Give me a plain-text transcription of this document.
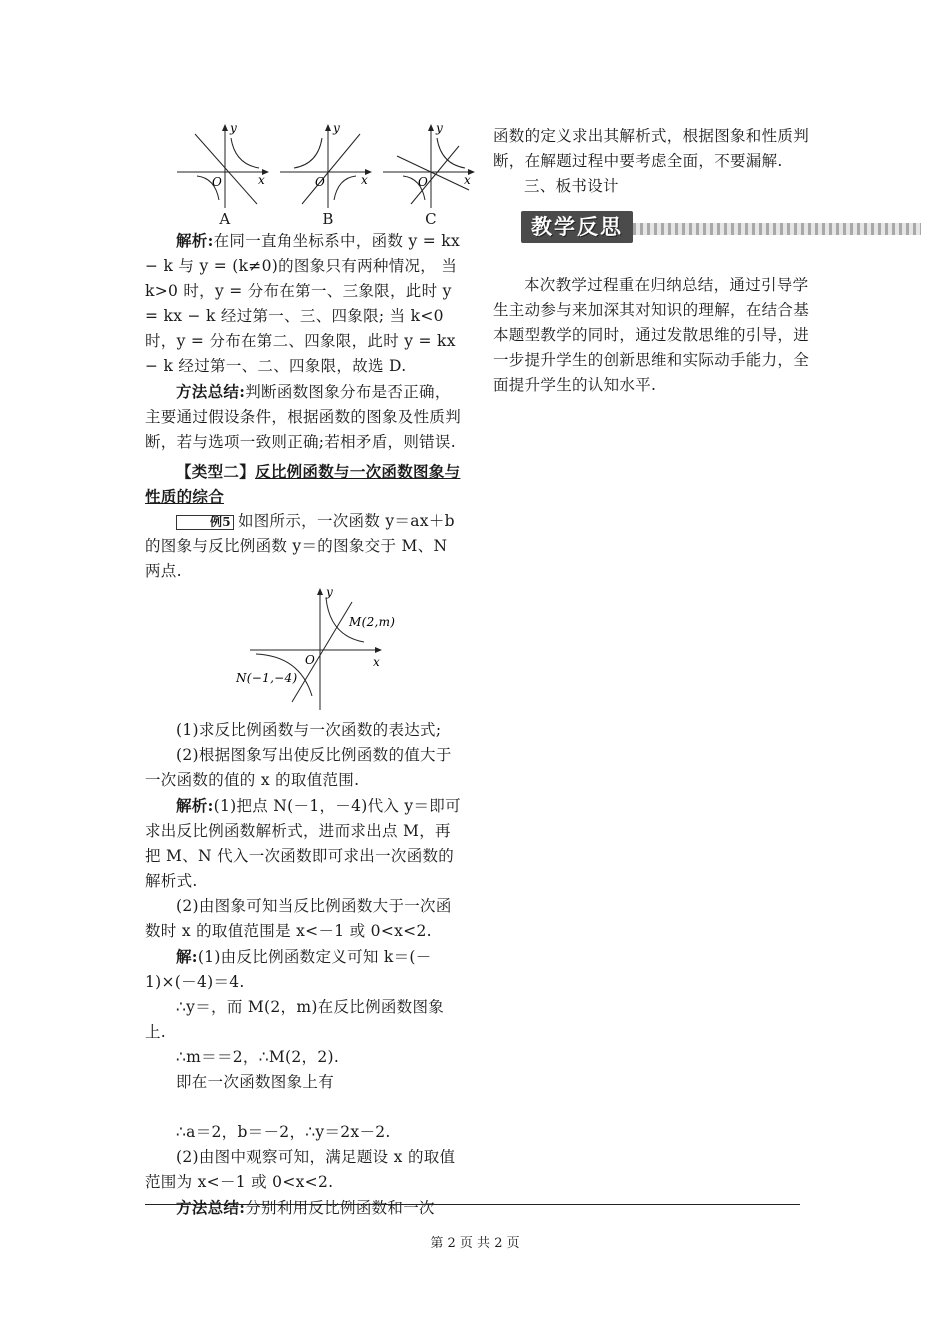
y
x
O
A
y
x
O
B
y
x
O
C

解析:在同一直角坐标系中，函数 y = kx − k 与 y = (k≠0)的图象只有两种情况， 当 k>0 时，y = 分布在第一、三象限，此时 y = kx − k 经过第一、三、四象限; 当 k<0 时，y = 分布在第二、四象限，此时 y = kx − k 经过第一、二、四象限，故选 D.

方法总结:判断函数图象分布是否正确，主要通过假设条件，根据函数的图象及性质判断，若与选项一致则正确;若相矛盾，则错误.

【类型二】反比例函数与一次函数图象与性质的综合

例5 如图所示，一次函数 y＝ax＋b 的图象与反比例函数 y＝的图象交于 M、N 两点.

y
x
O
M(2,m)
N(−1,−4)

(1)求反比例函数与一次函数的表达式;

(2)根据图象写出使反比例函数的值大于一次函数的值的 x 的取值范围.

解析:(1)把点 N(－1，－4)代入 y＝即可求出反比例函数解析式，进而求出点 M，再把 M、N 代入一次函数即可求出一次函数的解析式.

(2)由图象可知当反比例函数大于一次函数时 x 的取值范围是 x<－1 或 0<x<2.

解:(1)由反比例函数定义可知 k＝(－1)×(－4)＝4.

∴y＝，而 M(2，m)在反比例函数图象上.

∴m＝＝2，∴M(2，2).

即在一次函数图象上有

∴a＝2，b＝－2，∴y＝2x－2.

(2)由图中观察可知，满足题设 x 的取值范围为 x<－1 或 0<x<2.

方法总结:分别利用反比例函数和一次

函数的定义求出其解析式，根据图象和性质判断，在解题过程中要考虑全面，不要漏解.

三、板书设计

教学反思

本次教学过程重在归纳总结，通过引导学生主动参与来加深其对知识的理解，在结合基本题型教学的同时，通过发散思维的引导，进一步提升学生的创新思维和实际动手能力，全面提升学生的认知水平.

第 2 页 共 2 页
